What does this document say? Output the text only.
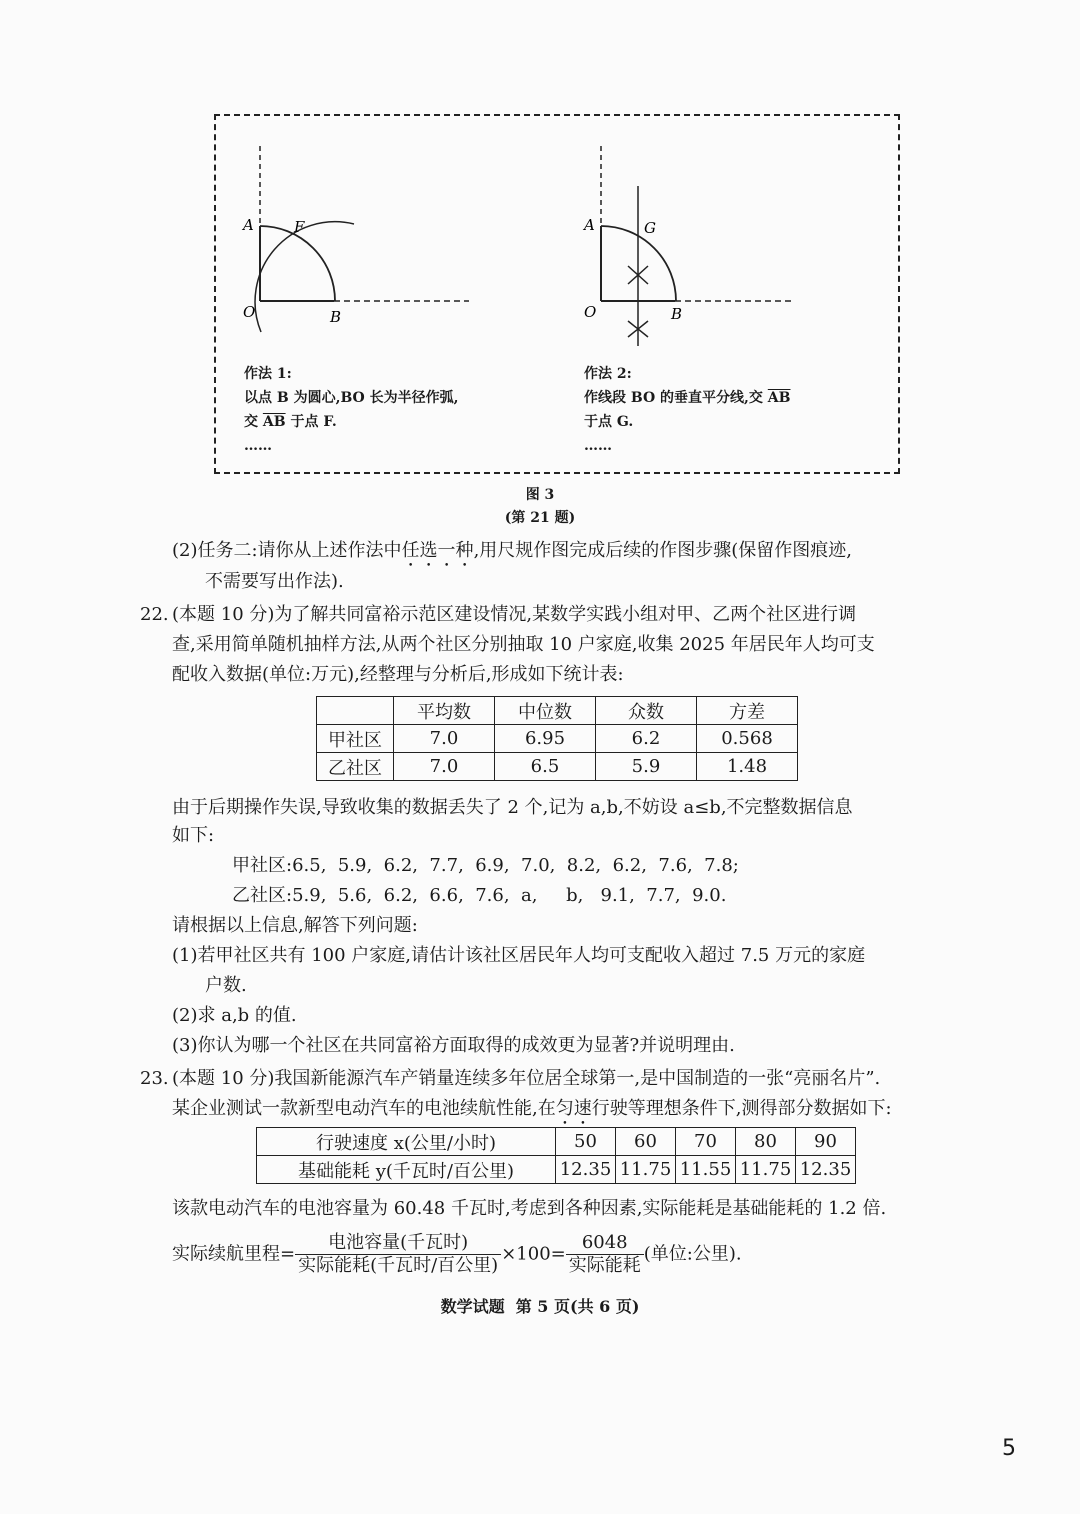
A	F
O	B
A	G
O	B
作法 1:
以点 B 为圆心,BO 长为半径作弧,
交 $\overline{AB}$ 于点 F.
……
作法 2:
作线段 BO 的垂直平分线,交 $\overline{AB}$
于点 G.
……
图 3
(第 21 题)
(2)任务二:请你从上述作法中任选一种,用尺规作图完成后续的作图步骤(保留作图痕迹,
不需要写出作法).
22. (本题 10 分)为了解共同富裕示范区建设情况,某数学实践小组对甲、乙两个社区进行调
查,采用简单随机抽样方法,从两个社区分别抽取 10 户家庭,收集 2025 年居民年人均可支
配收入数据(单位:万元),经整理与分析后,形成如下统计表:
	平均数	中位数	众数	方差
甲社区	7.0	6.95	6.2	0.568
乙社区	7.0	6.5	5.9	1.48
由于后期操作失误,导致收集的数据丢失了 2 个,记为 a,b,不妨设 a≤b,不完整数据信息
如下:
甲社区:6.5,  5.9,  6.2,  7.7,  6.9,  7.0,  8.2,  6.2,  7.6,  7.8;
乙社区:5.9,  5.6,  6.2,  6.6,  7.6,  a,     b,   9.1,  7.7,  9.0.
请根据以上信息,解答下列问题:
(1)若甲社区共有 100 户家庭,请估计该社区居民年人均可支配收入超过 7.5 万元的家庭
户数.
(2)求 a,b 的值.
(3)你认为哪一个社区在共同富裕方面取得的成效更为显著?并说明理由.
23. (本题 10 分)我国新能源汽车产销量连续多年位居全球第一,是中国制造的一张“亮丽名片”.
某企业测试一款新型电动汽车的电池续航性能,在匀速行驶等理想条件下,测得部分数据如下:
行驶速度 x(公里/小时)	50	60	70	80	90
基础能耗 y(千瓦时/百公里)	12.35	11.75	11.55	11.75	12.35
该款电动汽车的电池容量为 60.48 千瓦时,考虑到各种因素,实际能耗是基础能耗的 1.2 倍.
实际续航里程= $\frac{\text{电池容量(千瓦时)}}{\text{实际能耗(千瓦时/百公里)}} \times 100= \frac{6048}{\text{实际能耗}}$ (单位:公里).
数学试题  第 5 页(共 6 页)
5
